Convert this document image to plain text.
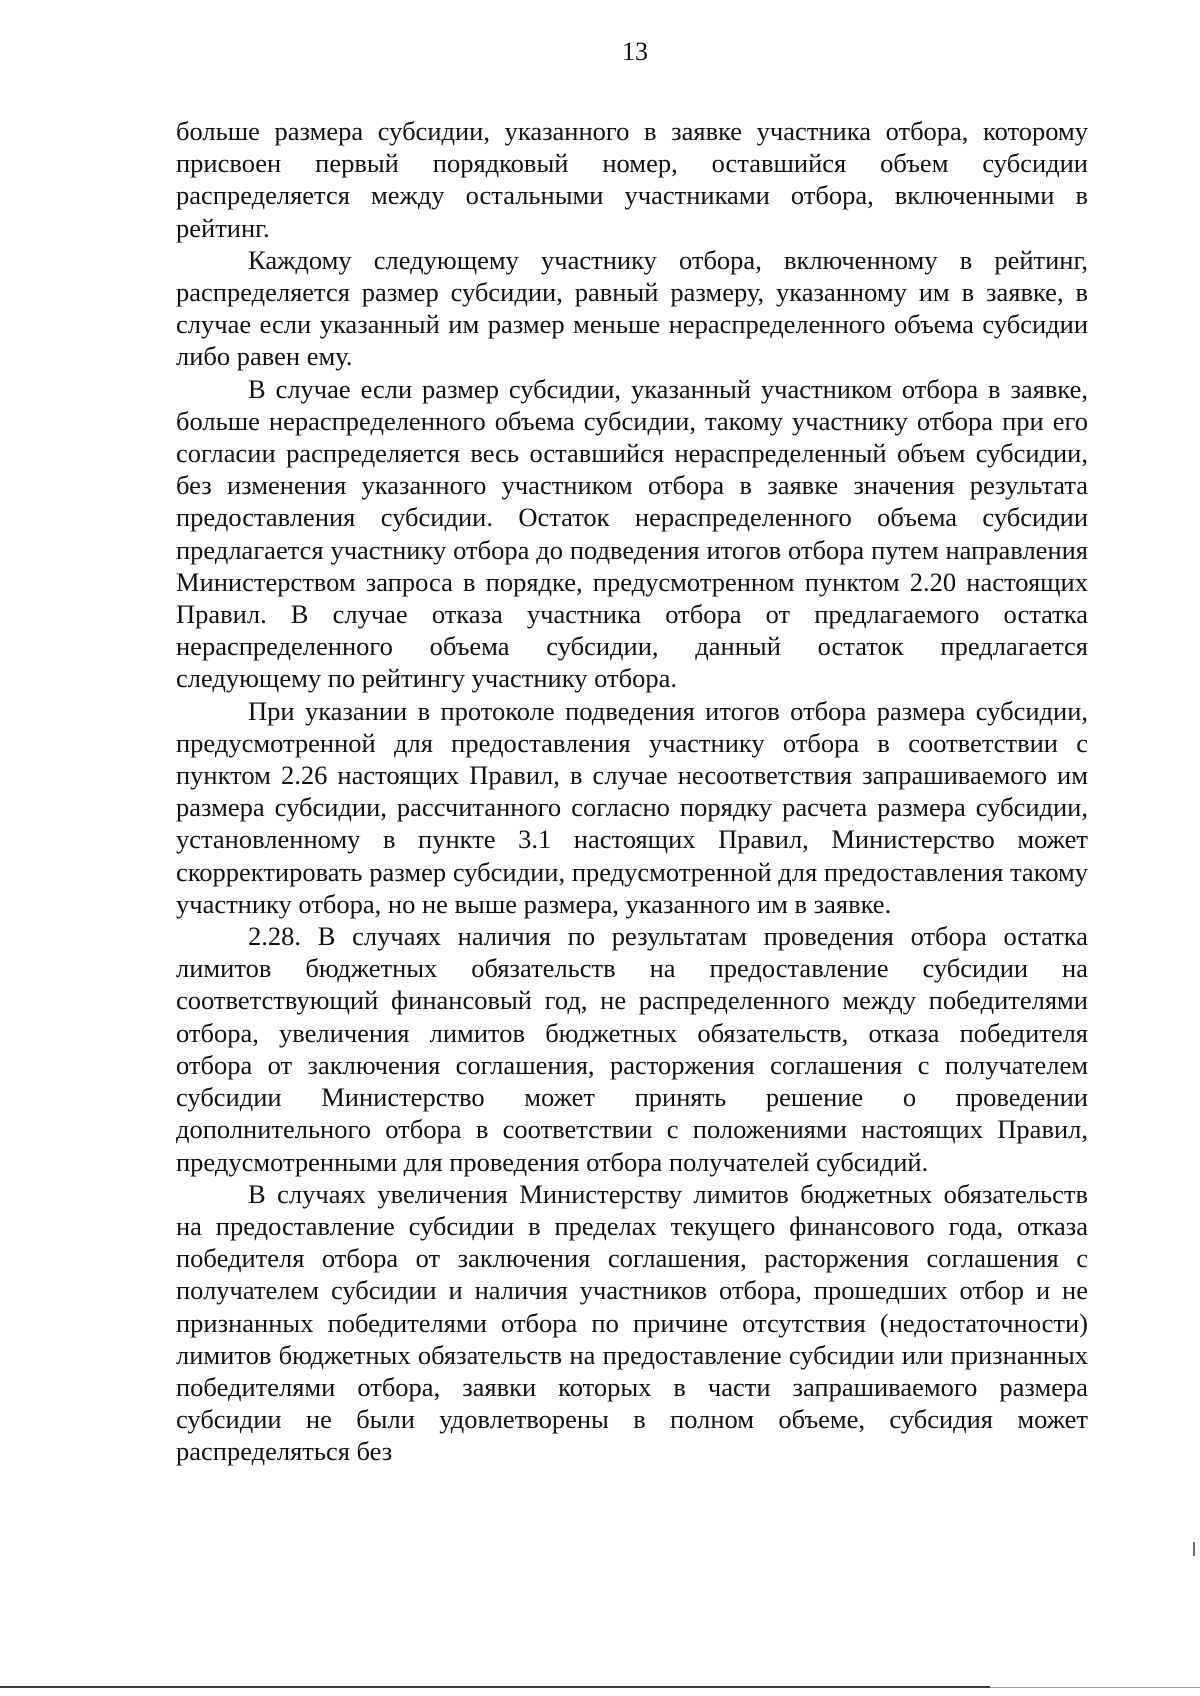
13

больше размера субсидии, указанного в заявке участника отбора, которому присвоен первый порядковый номер, оставшийся объем субсидии распределяется между остальными участниками отбора, включенными в рейтинг.

Каждому следующему участнику отбора, включенному в рейтинг, распределяется размер субсидии, равный размеру, указанному им в заявке, в случае если указанный им размер меньше нераспределенного объема субсидии либо равен ему.

В случае если размер субсидии, указанный участником отбора в заявке, больше нераспределенного объема субсидии, такому участнику отбора при его согласии распределяется весь оставшийся нераспределенный объем субсидии, без изменения указанного участником отбора в заявке значения результата предоставления субсидии. Остаток нераспределенного объема субсидии предлагается участнику отбора до подведения итогов отбора путем направления Министерством запроса в порядке, предусмотренном пунктом 2.20 настоящих Правил. В случае отказа участника отбора от предлагаемого остатка нераспределенного объема субсидии, данный остаток предлагается следующему по рейтингу участнику отбора.

При указании в протоколе подведения итогов отбора размера субсидии, предусмотренной для предоставления участнику отбора в соответствии с пунктом 2.26 настоящих Правил, в случае несоответствия запрашиваемого им размера субсидии, рассчитанного согласно порядку расчета размера субсидии, установленному в пункте 3.1 настоящих Правил, Министерство может скорректировать размер субсидии, предусмотренной для предоставления такому участнику отбора, но не выше размера, указанного им в заявке.

2.28. В случаях наличия по результатам проведения отбора остатка лимитов бюджетных обязательств на предоставление субсидии на соответствующий финансовый год, не распределенного между победителями отбора, увеличения лимитов бюджетных обязательств, отказа победителя отбора от заключения соглашения, расторжения соглашения с получателем субсидии Министерство может принять решение о проведении дополнительного отбора в соответствии с положениями настоящих Правил, предусмотренными для проведения отбора получателей субсидий.

В случаях увеличения Министерству лимитов бюджетных обязательств на предоставление субсидии в пределах текущего финансового года, отказа победителя отбора от заключения соглашения, расторжения соглашения с получателем субсидии и наличия участников отбора, прошедших отбор и не признанных победителями отбора по причине отсутствия (недостаточности) лимитов бюджетных обязательств на предоставление субсидии или признанных победителями отбора, заявки которых в части запрашиваемого размера субсидии не были удовлетворены в полном объеме, субсидия может распределяться без
